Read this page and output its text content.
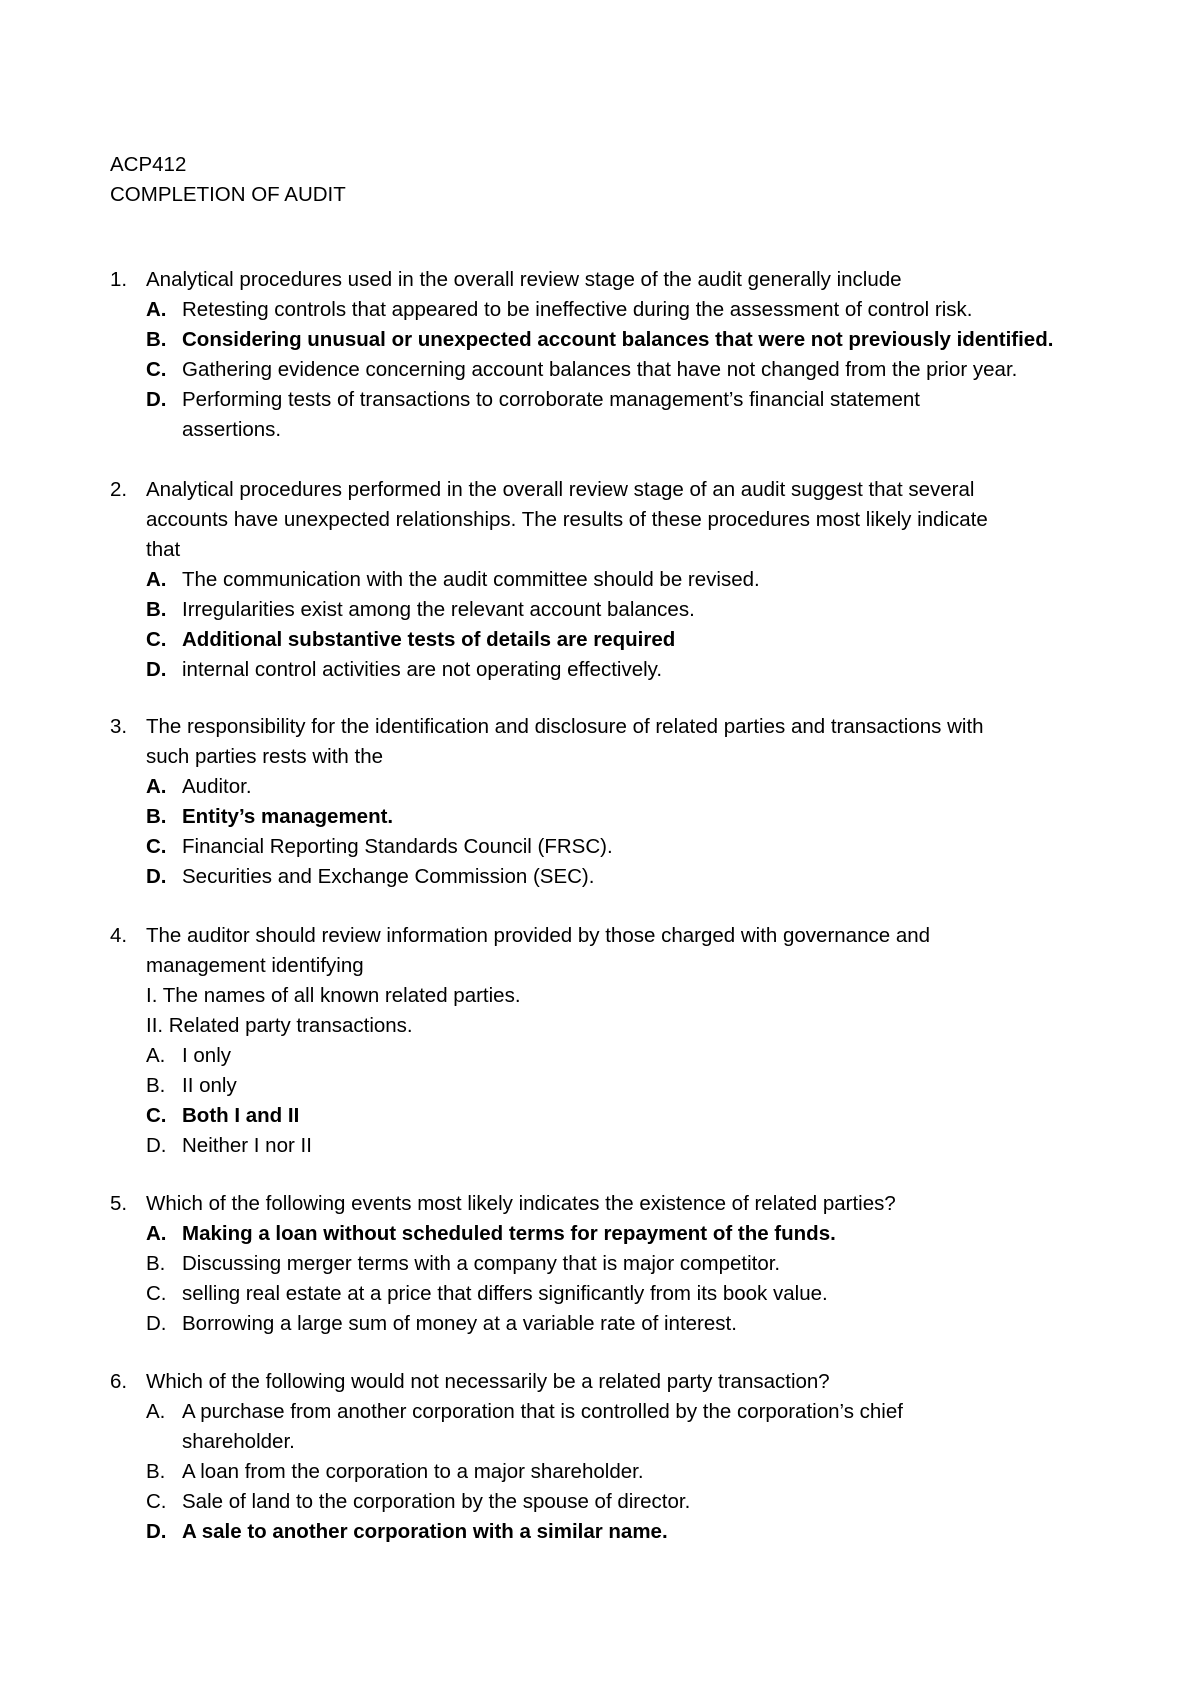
ACP412
COMPLETION OF AUDIT
1. Analytical procedures used in the overall review stage of the audit generally include
A. Retesting controls that appeared to be ineffective during the assessment of control risk.
B. Considering unusual or unexpected account balances that were not previously identified.
C. Gathering evidence concerning account balances that have not changed from the prior year.
D. Performing tests of transactions to corroborate management’s financial statement
assertions.
2. Analytical procedures performed in the overall review stage of an audit suggest that several
accounts have unexpected relationships. The results of these procedures most likely indicate
that
A. The communication with the audit committee should be revised.
B. Irregularities exist among the relevant account balances.
C. Additional substantive tests of details are required
D. internal control activities are not operating effectively.
3. The responsibility for the identification and disclosure of related parties and transactions with
such parties rests with the
A. Auditor.
B. Entity’s management.
C. Financial Reporting Standards Council (FRSC).
D. Securities and Exchange Commission (SEC).
4. The auditor should review information provided by those charged with governance and
management identifying
I. The names of all known related parties.
II. Related party transactions.
A. I only
B. II only
C. Both I and II
D. Neither I nor II
5. Which of the following events most likely indicates the existence of related parties?
A. Making a loan without scheduled terms for repayment of the funds.
B. Discussing merger terms with a company that is major competitor.
C. selling real estate at a price that differs significantly from its book value.
D. Borrowing a large sum of money at a variable rate of interest.
6. Which of the following would not necessarily be a related party transaction?
A. A purchase from another corporation that is controlled by the corporation’s chief
shareholder.
B. A loan from the corporation to a major shareholder.
C. Sale of land to the corporation by the spouse of director.
D. A sale to another corporation with a similar name.
